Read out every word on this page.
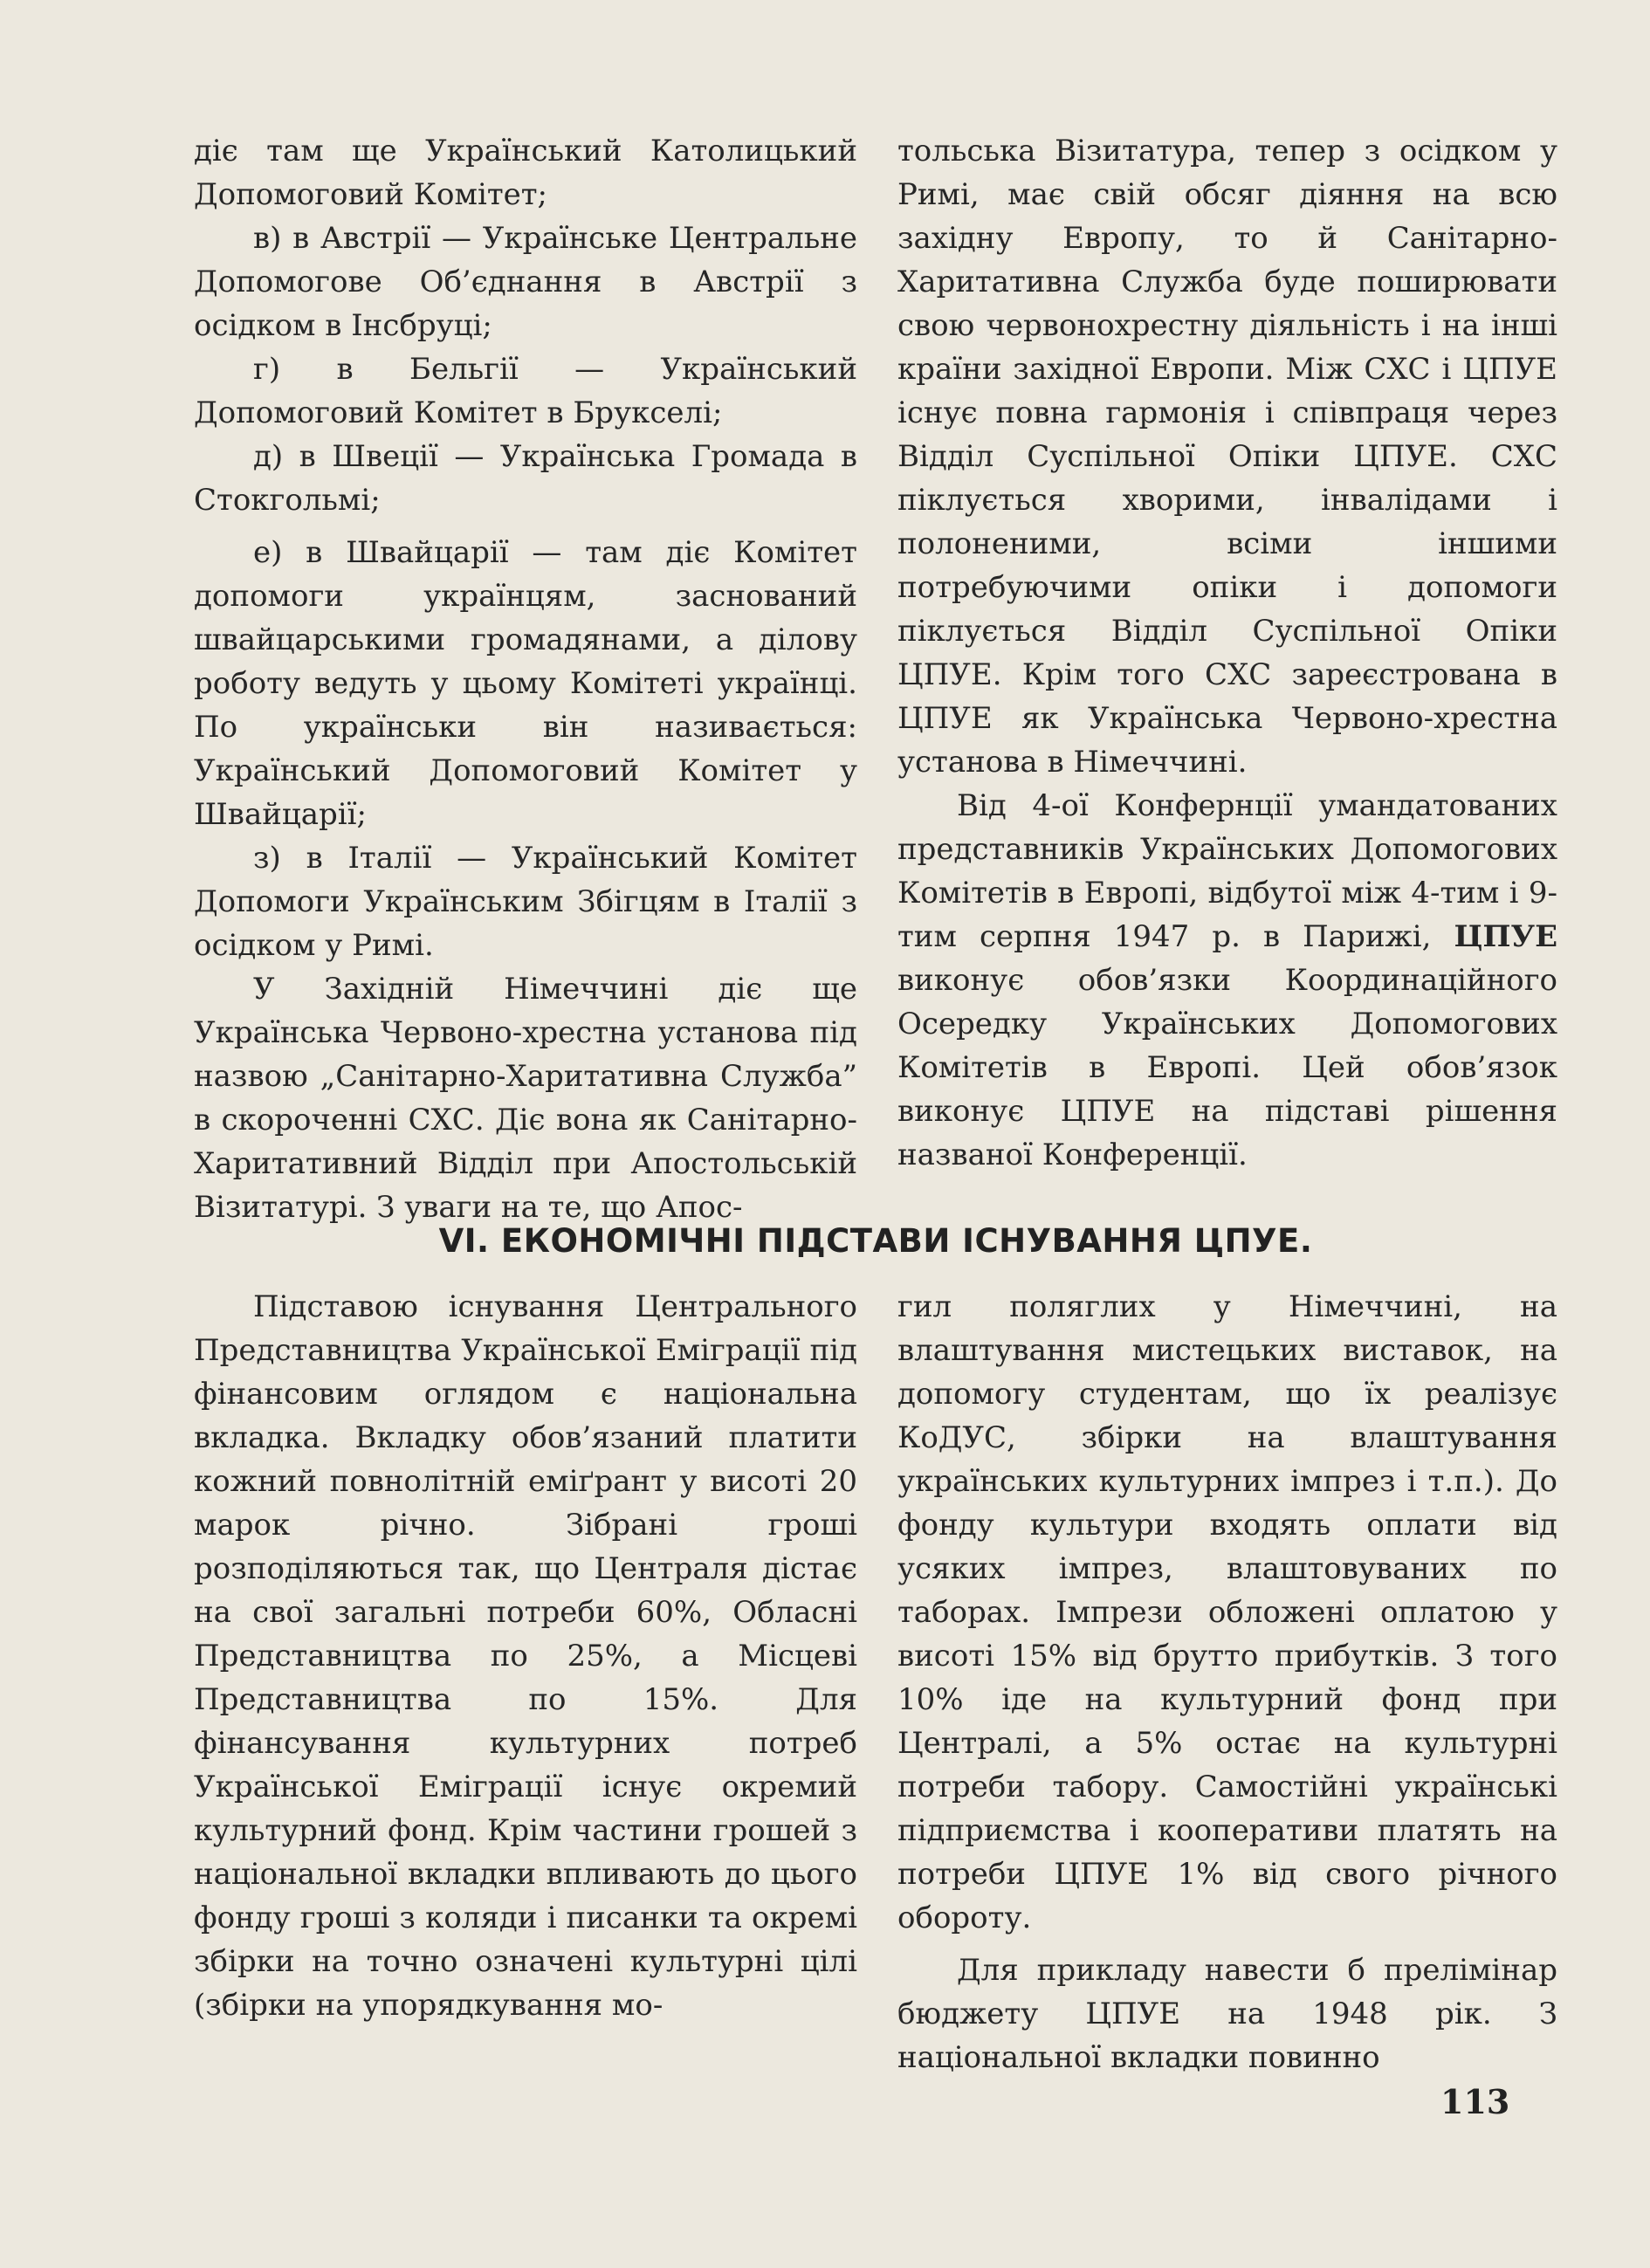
діє там ще Український Католицький Допомоговий Комітет;

в) в Австрії — Українське Центральне Допомогове Об’єднання в Австрії з осідком в Інсбруці;

г) в Бельгії — Український Допомоговий Комітет в Брукселі;

д) в Швеції — Українська Громада в Стокгольмі;

е) в Швайцарії — там діє Комітет допомоги українцям, заснований швайцарськими громадянами, а ділову роботу ведуть у цьому Комітеті українці. По українськи він називається: Український Допомоговий Комітет у Швайцарії;

з) в Італії — Український Комітет Допомоги Українським Збігцям в Італії з осідком у Римі.

У Західній Німеччині діє ще Українська Червоно-хрестна установа під назвою „Санітарно-Харитативна Служба” в скороченні СХС. Діє вона як Санітарно-Харитативний Відділ при Апостольській Візитатурі. З уваги на те, що Апос-

тольська Візитатура, тепер з осідком у Римі, має свій обсяг діяння на всю західну Европу, то й Санітарно-Харитативна Служба буде поширювати свою червонохрестну діяльність і на інші країни західної Европи. Між СХС і ЦПУЕ існує повна гармонія і співпраця через Відділ Суспільної Опіки ЦПУЕ. СХС піклується хворими, інвалідами і полоненими, всіми іншими потребуючими опіки і допомоги піклується Відділ Суспільної Опіки ЦПУЕ. Крім того СХС зареєстрована в ЦПУЕ як Українська Червоно-хрестна установа в Німеччині.

Від 4-ої Конфернції умандатованих представників Українських Допомогових Комітетів в Европі, відбутої між 4-тим і 9-тим серпня 1947 р. в Парижі, ЦПУЕ виконує обов’язки Координаційного Осередку Українських Допомогових Комітетів в Европі. Цей обов’язок виконує ЦПУЕ на підставі рішення названої Конференції.

VI. ЕКОНОМІЧНІ ПІДСТАВИ ІСНУВАННЯ ЦПУЕ.

Підставою існування Центрального Представництва Української Еміграції під фінансовим оглядом є національна вкладка. Вкладку обов’язаний платити кожний повнолітній еміґрант у висоті 20 марок річно. Зібрані гроші розподіляються так, що Централя дістає на свої загальні потреби 60%, Обласні Представництва по 25%, а Місцеві Представництва по 15%. Для фінансування культурних потреб Української Еміграції існує окремий культурний фонд. Крім частини грошей з національної вкладки впливають до цього фонду гроші з коляди і писанки та окремі збірки на точно означені культурні цілі (збірки на упорядкування мо-

гил поляглих у Німеччині, на влаштування мистецьких виставок, на допомогу студентам, що їх реалізує КоДУС, збірки на влаштування українських культурних імпрез і т.п.). До фонду культури входять оплати від усяких імпрез, влаштовуваних по таборах. Імпрези обложені оплатою у висоті 15% від брутто прибутків. З того 10% іде на культурний фонд при Централі, а 5% остає на культурні потреби табору. Самостійні українські підприємства і кооперативи платять на потреби ЦПУЕ 1% від свого річного обороту.

Для прикладу навести б прелімінар бюджету ЦПУЕ на 1948 рік. З національної вкладки повинно

113
